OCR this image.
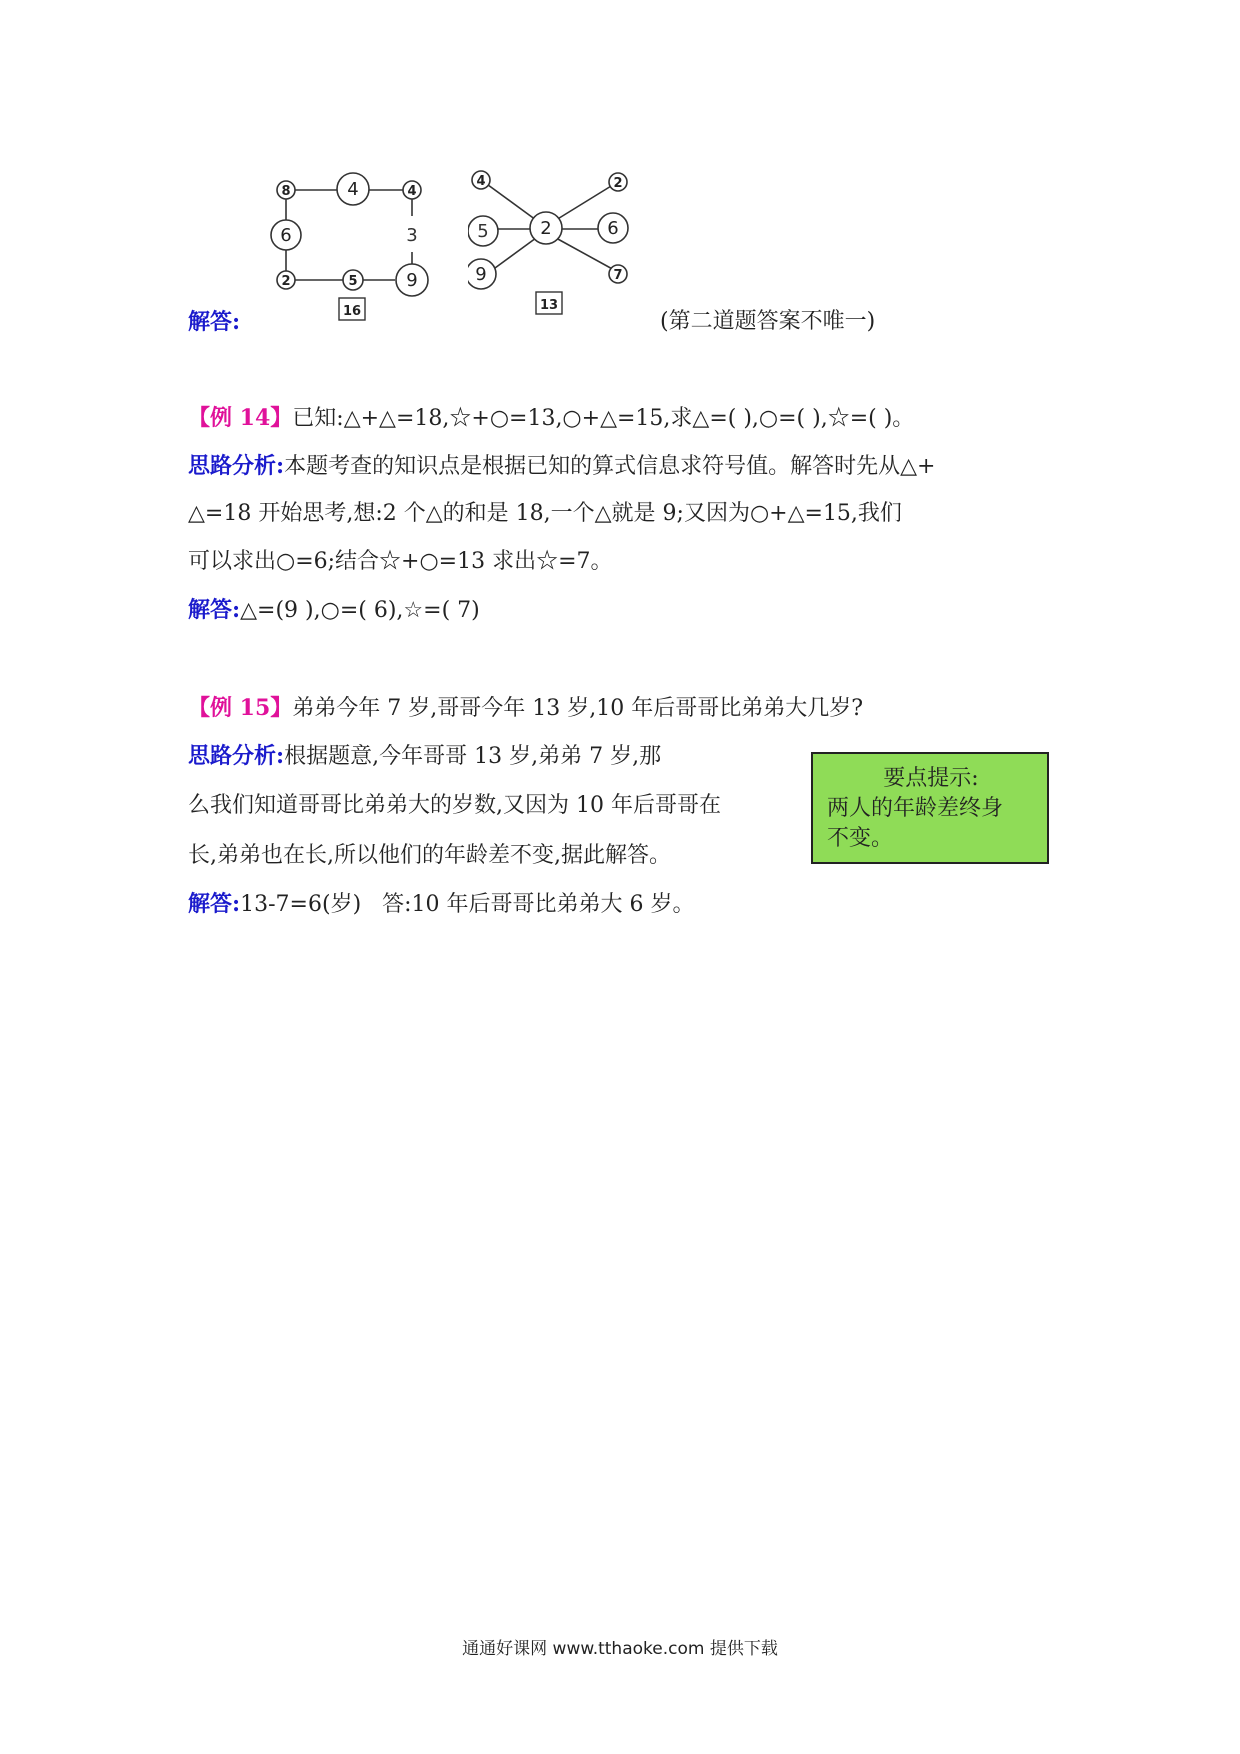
8	4	4
6	3
2	5	9
16
4	2
5	2	6
9	7
13
解答:	(第二道题答案不唯一)
【例 14】已知:△+△=18,☆+○=13,○+△=15,求△=( ),○=( ),☆=( )。
思路分析:本题考查的知识点是根据已知的算式信息求符号值。解答时先从△+
△=18 开始思考,想:2 个△的和是 18,一个△就是 9;又因为○+△=15,我们
可以求出○=6;结合☆+○=13 求出☆=7。
解答:△=(9 ),○=( 6),☆=( 7)
【例 15】弟弟今年 7 岁,哥哥今年 13 岁,10 年后哥哥比弟弟大几岁?
思路分析:根据题意,今年哥哥 13 岁,弟弟 7 岁,那
么我们知道哥哥比弟弟大的岁数,又因为 10 年后哥哥在
长,弟弟也在长,所以他们的年龄差不变,据此解答。
解答:13-7=6(岁)   答:10 年后哥哥比弟弟大 6 岁。
要点提示:
两人的年龄差终身
不变。
通通好课网 www.tthaoke.com 提供下载
